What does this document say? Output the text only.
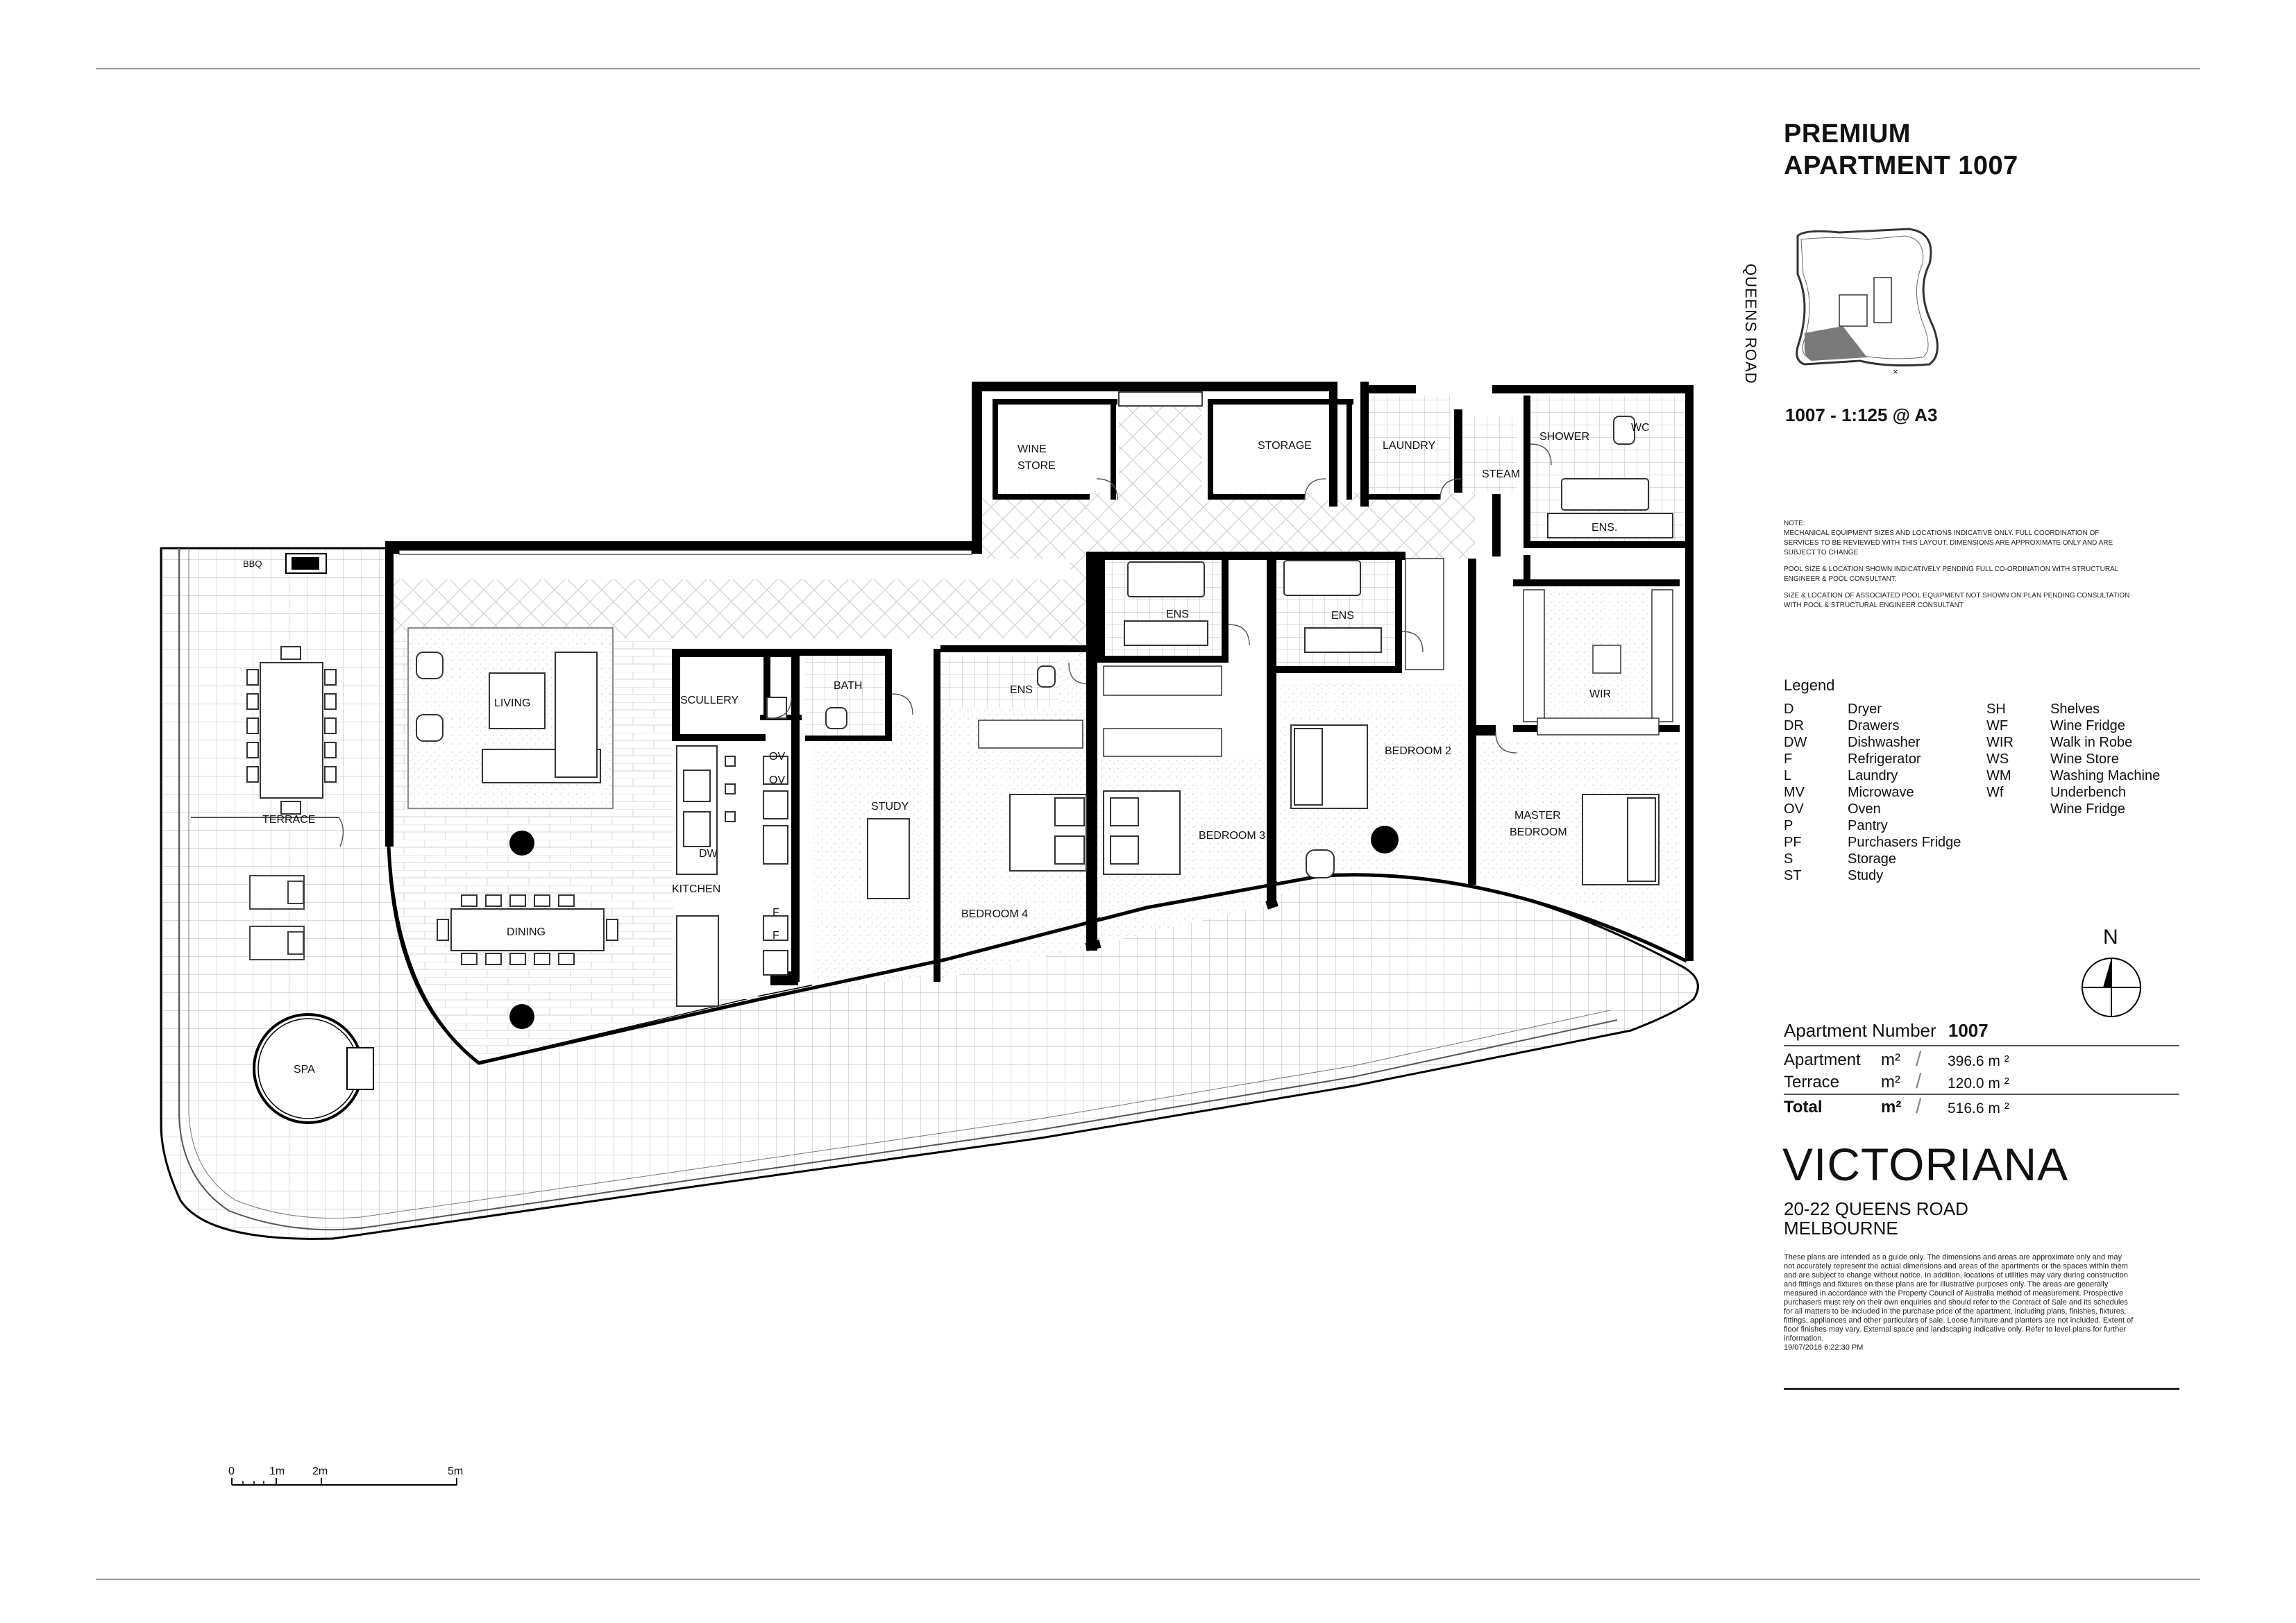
BBQ
TERRACE
SPA
LIVING
DINING
KITCHEN
SCULLERY
DW
OV
OV
F
F
BATH
STUDY
ENS
BEDROOM 4
ENS
BEDROOM 3
ENS
BEDROOM 2
WINE
STORE
STORAGE	LAUNDRY
STEAM
SHOWER
WC
ENS.
WIR
MASTER
BEDROOM
0	1m 2m	5m
×
N
PREMIUM
APARTMENT 1007
QUEENS ROAD
1007 - 1:125 @ A3
NOTE:
MECHANICAL EQUIPMENT SIZES AND LOCATIONS INDICATIVE ONLY. FULL COORDINATION OF SERVICES TO BE REVIEWED WITH THIS LAYOUT. DIMENSIONS ARE APPROXIMATE ONLY AND ARE SUBJECT TO CHANGE
POOL SIZE & LOCATION SHOWN INDICATIVELY PENDING FULL CO-ORDINATION WITH STRUCTURAL ENGINEER & POOL CONSULTANT.
SIZE & LOCATION OF ASSOCIATED POOL EQUIPMENT NOT SHOWN ON PLAN PENDING CONSULTATION WITH POOL & STRUCTURAL ENGINEER CONSULTANT
Legend
D	Dryer
DR	Drawers
DW	Dishwasher
F	Refrigerator
L	Laundry
MV	Microwave
OV	Oven
P	Pantry
PF	Purchasers Fridge
S	Storage
ST	Study
SH	Shelves
WF	Wine Fridge
WIR	Walk in Robe
WS	Wine Store
WM	Washing Machine
Wf	Underbench
Wine Fridge
Apartment Number 1007
Apartment m² / 396.6 m ²
Terrace m² / 120.0 m ²
Total	m² / 516.6 m ²
VICTORIANA
20-22 QUEENS ROAD
MELBOURNE
These plans are intended as a guide only. The dimensions and areas are approximate only and may not accurately represent the actual dimensions and areas of the apartments or the spaces within them and are subject to change without notice. In addition, locations of utilities may vary during construction and fittings and fixtures on these plans are for illustrative purposes only. The areas are generally measured in accordance with the Property Council of Australia method of measurement. Prospective purchasers must rely on their own enquiries and should refer to the Contract of Sale and its schedules for all matters to be included in the purchase price of the apartment, including plans, finishes, fixtures, fittings, appliances and other particulars of sale. Loose furniture and planters are not included. Extent of floor finishes may vary. External space and landscaping indicative only. Refer to level plans for further information.
19/07/2018 6:22:30 PM
